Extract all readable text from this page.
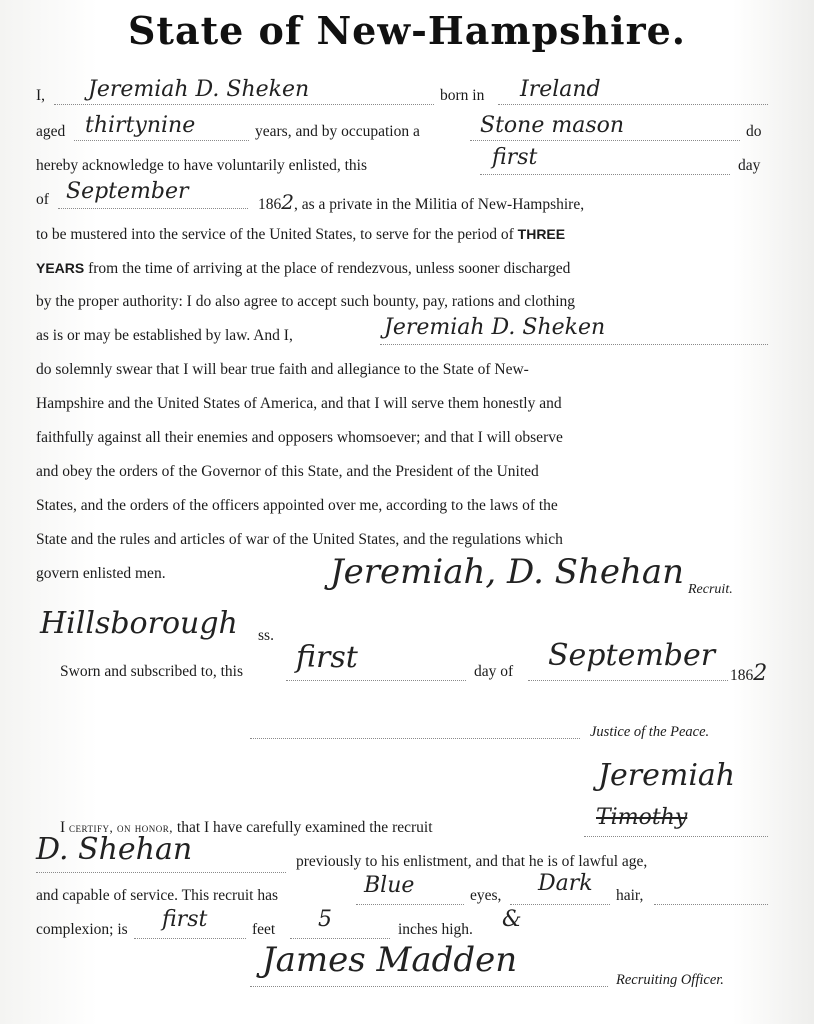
State of New-Hampshire.
I, Jeremiah D. Sheken	born in Ireland
aged thirtynine	years, and by occupation a	Stone mason	do
hereby acknowledge to have voluntarily enlisted, this	first	day
of September
1862, as a private in the Militia of New-Hampshire,
to be mustered into the service of the United States, to serve for the period of THREE
YEARS from the time of arriving at the place of rendezvous, unless sooner discharged
by the proper authority: I do also agree to accept such bounty, pay, rations and clothing
as is or may be established by law. And I,	Jeremiah D. Sheken
do solemnly swear that I will bear true faith and allegiance to the State of New-
Hampshire and the United States of America, and that I will serve them honestly and
faithfully against all their enemies and opposers whomsoever; and that I will observe
and obey the orders of the Governor of this State, and the President of the United
States, and the orders of the officers appointed over me, according to the laws of the
State and the rules and articles of war of the United States, and the regulations which
govern enlisted men.	Jeremiah, D. Shehan Recruit.
Hillsborough ss.
Sworn and subscribed to, this first	day of September
1862
Justice of the Peace.
Jeremiah
I certify, on honor, that I have carefully examined the recruit	Timothy
D. Shehan	previously to his enlistment, and that he is of lawful age,
and capable of service. This recruit has	Blue	eyes, Dark hair,
complexion; is first	feet 5	inches high. &
James Madden	Recruiting Officer.
